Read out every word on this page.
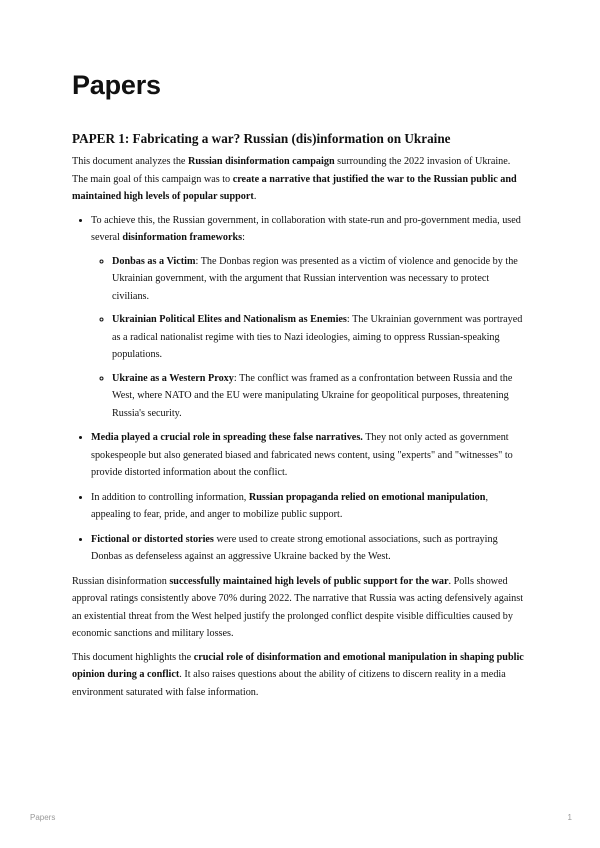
Papers
PAPER 1: Fabricating a war? Russian (dis)information on Ukraine

This document analyzes the Russian disinformation campaign surrounding the 2022 invasion of Ukraine. The main goal of this campaign was to create a narrative that justified the war to the Russian public and maintained high levels of popular support.

• To achieve this, the Russian government, in collaboration with state-run and pro-government media, used several disinformation frameworks:
◦ Donbas as a Victim: The Donbas region was presented as a victim of violence and genocide by the Ukrainian government, with the argument that Russian intervention was necessary to protect civilians.
◦ Ukrainian Political Elites and Nationalism as Enemies: The Ukrainian government was portrayed as a radical nationalist regime with ties to Nazi ideologies, aiming to oppress Russian-speaking populations.
◦ Ukraine as a Western Proxy: The conflict was framed as a confrontation between Russia and the West, where NATO and the EU were manipulating Ukraine for geopolitical purposes, threatening Russia's security.
• Media played a crucial role in spreading these false narratives. They not only acted as government spokespeople but also generated biased and fabricated news content, using "experts" and "witnesses" to provide distorted information about the conflict.
• In addition to controlling information, Russian propaganda relied on emotional manipulation, appealing to fear, pride, and anger to mobilize public support.
• Fictional or distorted stories were used to create strong emotional associations, such as portraying Donbas as defenseless against an aggressive Ukraine backed by the West.

Russian disinformation successfully maintained high levels of public support for the war. Polls showed approval ratings consistently above 70% during 2022. The narrative that Russia was acting defensively against an existential threat from the West helped justify the prolonged conflict despite visible difficulties caused by economic sanctions and military losses.

This document highlights the crucial role of disinformation and emotional manipulation in shaping public opinion during a conflict. It also raises questions about the ability of citizens to discern reality in a media environment saturated with false information.

Papers	1
